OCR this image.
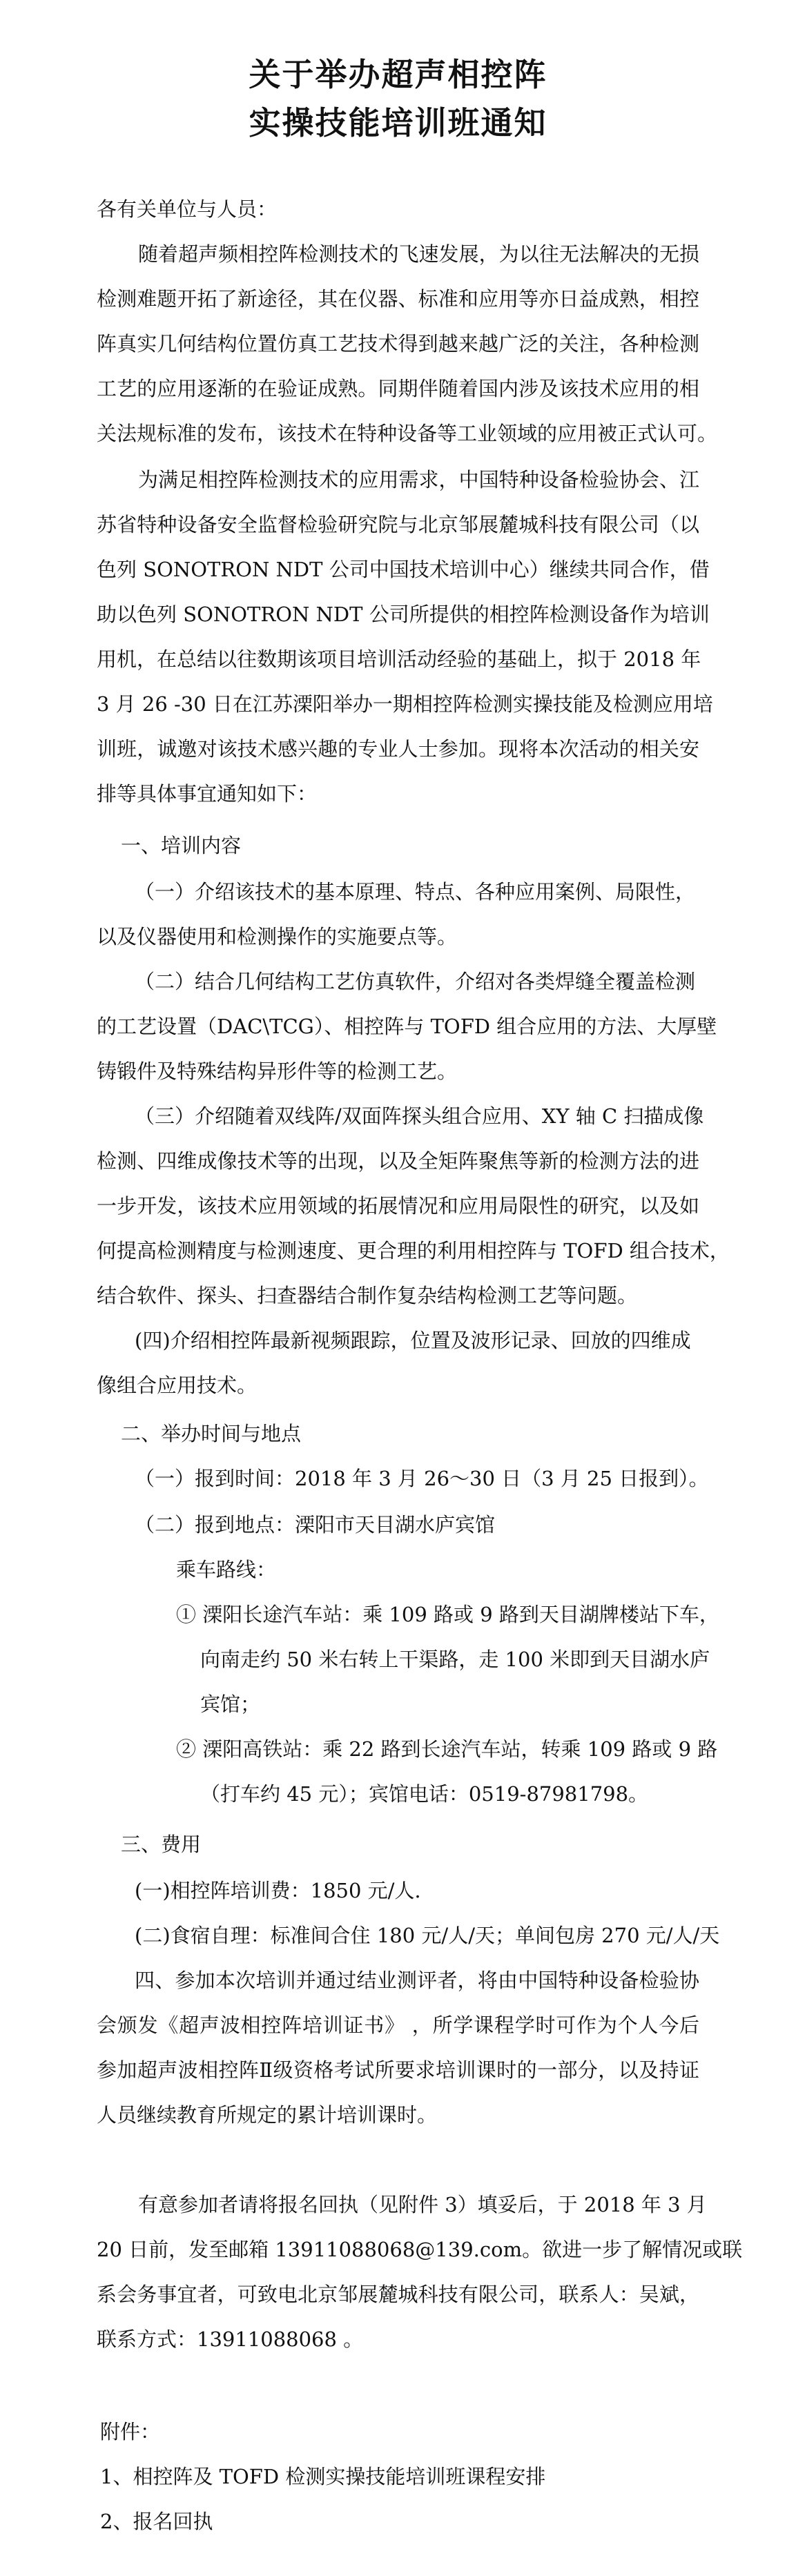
关于举办超声相控阵
实操技能培训班通知
各有关单位与人员：
随着超声频相控阵检测技术的飞速发展，为以往无法解决的无损
检测难题开拓了新途径，其在仪器、标准和应用等亦日益成熟，相控
阵真实几何结构位置仿真工艺技术得到越来越广泛的关注，各种检测
工艺的应用逐渐的在验证成熟。同期伴随着国内涉及该技术应用的相
关法规标准的发布，该技术在特种设备等工业领域的应用被正式认可。
为满足相控阵检测技术的应用需求，中国特种设备检验协会、江
苏省特种设备安全监督检验研究院与北京邹展麓城科技有限公司（以
色列 SONOTRON NDT 公司中国技术培训中心）继续共同合作，借
助以色列 SONOTRON NDT 公司所提供的相控阵检测设备作为培训
用机，在总结以往数期该项目培训活动经验的基础上，拟于 2018 年
3 月 26 -30 日在江苏溧阳举办一期相控阵检测实操技能及检测应用培
训班，诚邀对该技术感兴趣的专业人士参加。现将本次活动的相关安
排等具体事宜通知如下：
一、培训内容
（一）介绍该技术的基本原理、特点、各种应用案例、局限性，
以及仪器使用和检测操作的实施要点等。
（二）结合几何结构工艺仿真软件，介绍对各类焊缝全覆盖检测
的工艺设置（DAC\TCG）、相控阵与 TOFD 组合应用的方法、大厚壁
铸锻件及特殊结构异形件等的检测工艺。
（三）介绍随着双线阵/双面阵探头组合应用、XY 轴 C 扫描成像
检测、四维成像技术等的出现，以及全矩阵聚焦等新的检测方法的进
一步开发，该技术应用领域的拓展情况和应用局限性的研究，以及如
何提高检测精度与检测速度、更合理的利用相控阵与 TOFD 组合技术，
结合软件、探头、扫查器结合制作复杂结构检测工艺等问题。
(四)介绍相控阵最新视频跟踪，位置及波形记录、回放的四维成
像组合应用技术。
二、举办时间与地点
（一）报到时间：2018 年 3 月 26～30 日（3 月 25 日报到）。
（二）报到地点：溧阳市天目湖水庐宾馆
乘车路线：
① 溧阳长途汽车站：乘 109 路或 9 路到天目湖牌楼站下车，
向南走约 50 米右转上干渠路，走 100 米即到天目湖水庐
宾馆；
② 溧阳高铁站：乘 22 路到长途汽车站，转乘 109 路或 9 路
（打车约 45 元）；宾馆电话：0519-87981798。
三、费用
(一)相控阵培训费：1850 元/人.
(二)食宿自理：标准间合住 180 元/人/天；单间包房 270 元/人/天
四、参加本次培训并通过结业测评者，将由中国特种设备检验协
会颁发《超声波相控阵培训证书》 ，所学课程学时可作为个人今后
参加超声波相控阵Ⅱ级资格考试所要求培训课时的一部分，以及持证
人员继续教育所规定的累计培训课时。
有意参加者请将报名回执（见附件 3）填妥后，于 2018 年 3 月
20 日前，发至邮箱 13911088068@139.com。欲进一步了解情况或联
系会务事宜者，可致电北京邹展麓城科技有限公司，联系人：吴斌，
联系方式：13911088068 。
附件：
1、相控阵及 TOFD 检测实操技能培训班课程安排
2、报名回执
